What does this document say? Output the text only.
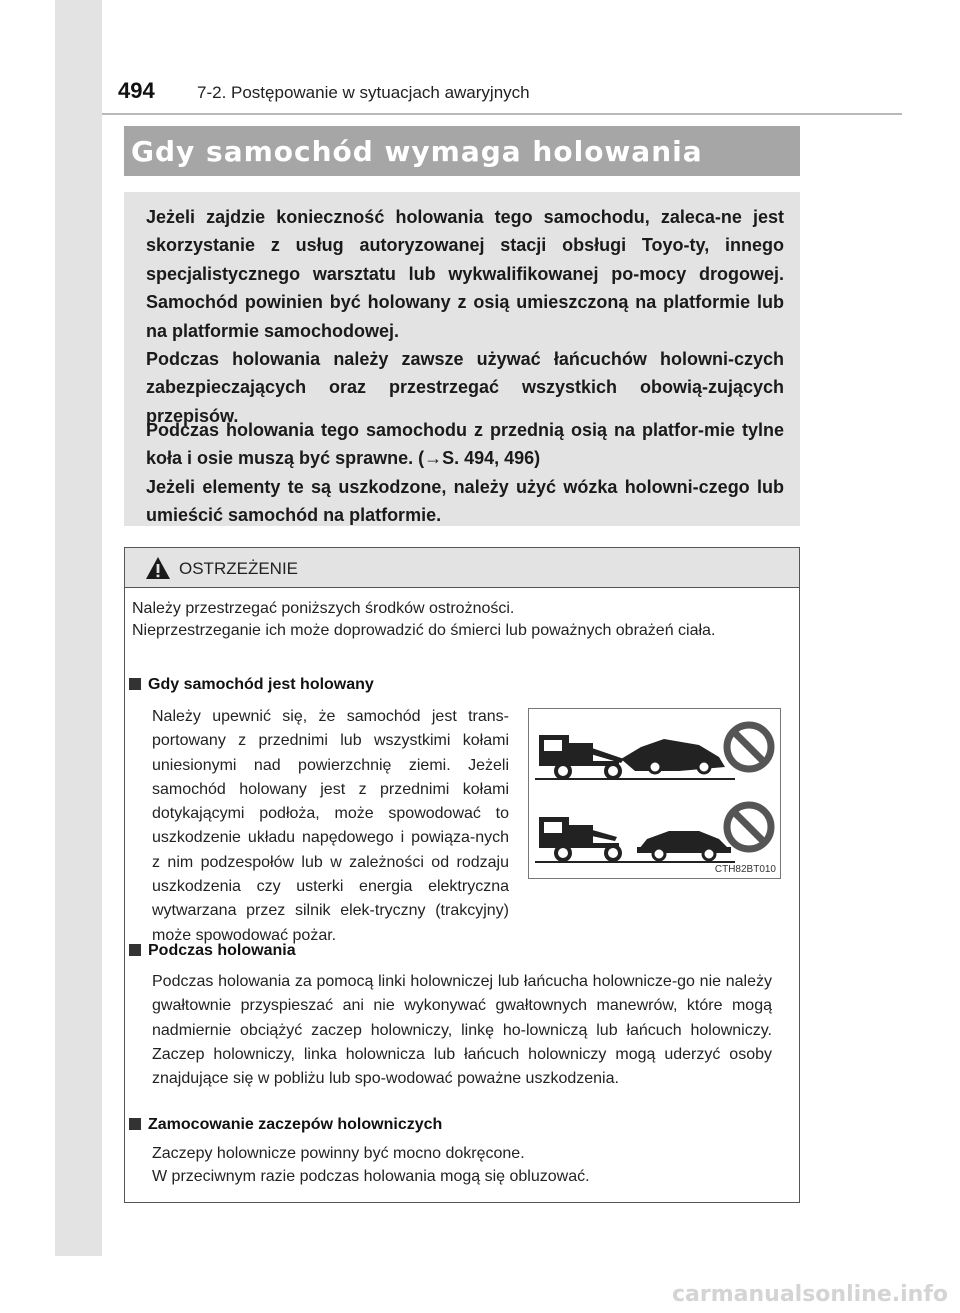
494 7-2. Postępowanie w sytuacjach awaryjnych
Gdy samochód wymaga holowania

Jeżeli zajdzie konieczność holowania tego samochodu, zaleca-ne jest skorzystanie z usług autoryzowanej stacji obsługi Toyo-ty, innego specjalistycznego warsztatu lub wykwalifikowanej po-mocy drogowej. Samochód powinien być holowany z osią umieszczoną na platformie lub na platformie samochodowej.

Podczas holowania należy zawsze używać łańcuchów holowni-czych zabezpieczających oraz przestrzegać wszystkich obowią-zujących przepisów.

Podczas holowania tego samochodu z przednią osią na platfor-mie tylne koła i osie muszą być sprawne. (→S. 494, 496)

Jeżeli elementy te są uszkodzone, należy użyć wózka holowni-czego lub umieścić samochód na platformie.

OSTRZEŻENIE

Należy przestrzegać poniższych środków ostrożności.

Nieprzestrzeganie ich może doprowadzić do śmierci lub poważnych obrażeń ciała.

Gdy samochód jest holowany

Należy upewnić się, że samochód jest trans-portowany z przednimi lub wszystkimi kołami uniesionymi nad powierzchnię ziemi. Jeżeli samochód holowany jest z przednimi kołami dotykającymi podłoża, może spowodować to uszkodzenie układu napędowego i powiąza-nych z nim podzespołów lub w zależności od rodzaju uszkodzenia czy usterki energia elektryczna wytwarzana przez silnik elek-tryczny (trakcyjny) może spowodować pożar.

Podczas holowania

Podczas holowania za pomocą linki holowniczej lub łańcucha holownicze-go nie należy gwałtownie przyspieszać ani nie wykonywać gwałtownych manewrów, które mogą nadmiernie obciążyć zaczep holowniczy, linkę ho-lowniczą lub łańcuch holowniczy. Zaczep holowniczy, linka holownicza lub łańcuch holowniczy mogą uderzyć osoby znajdujące się w pobliżu lub spo-wodować poważne uszkodzenia.

Zamocowanie zaczepów holowniczych

Zaczepy holownicze powinny być mocno dokręcone.

W przeciwnym razie podczas holowania mogą się obluzować.

CTH82BT010
carmanualsonline.info
